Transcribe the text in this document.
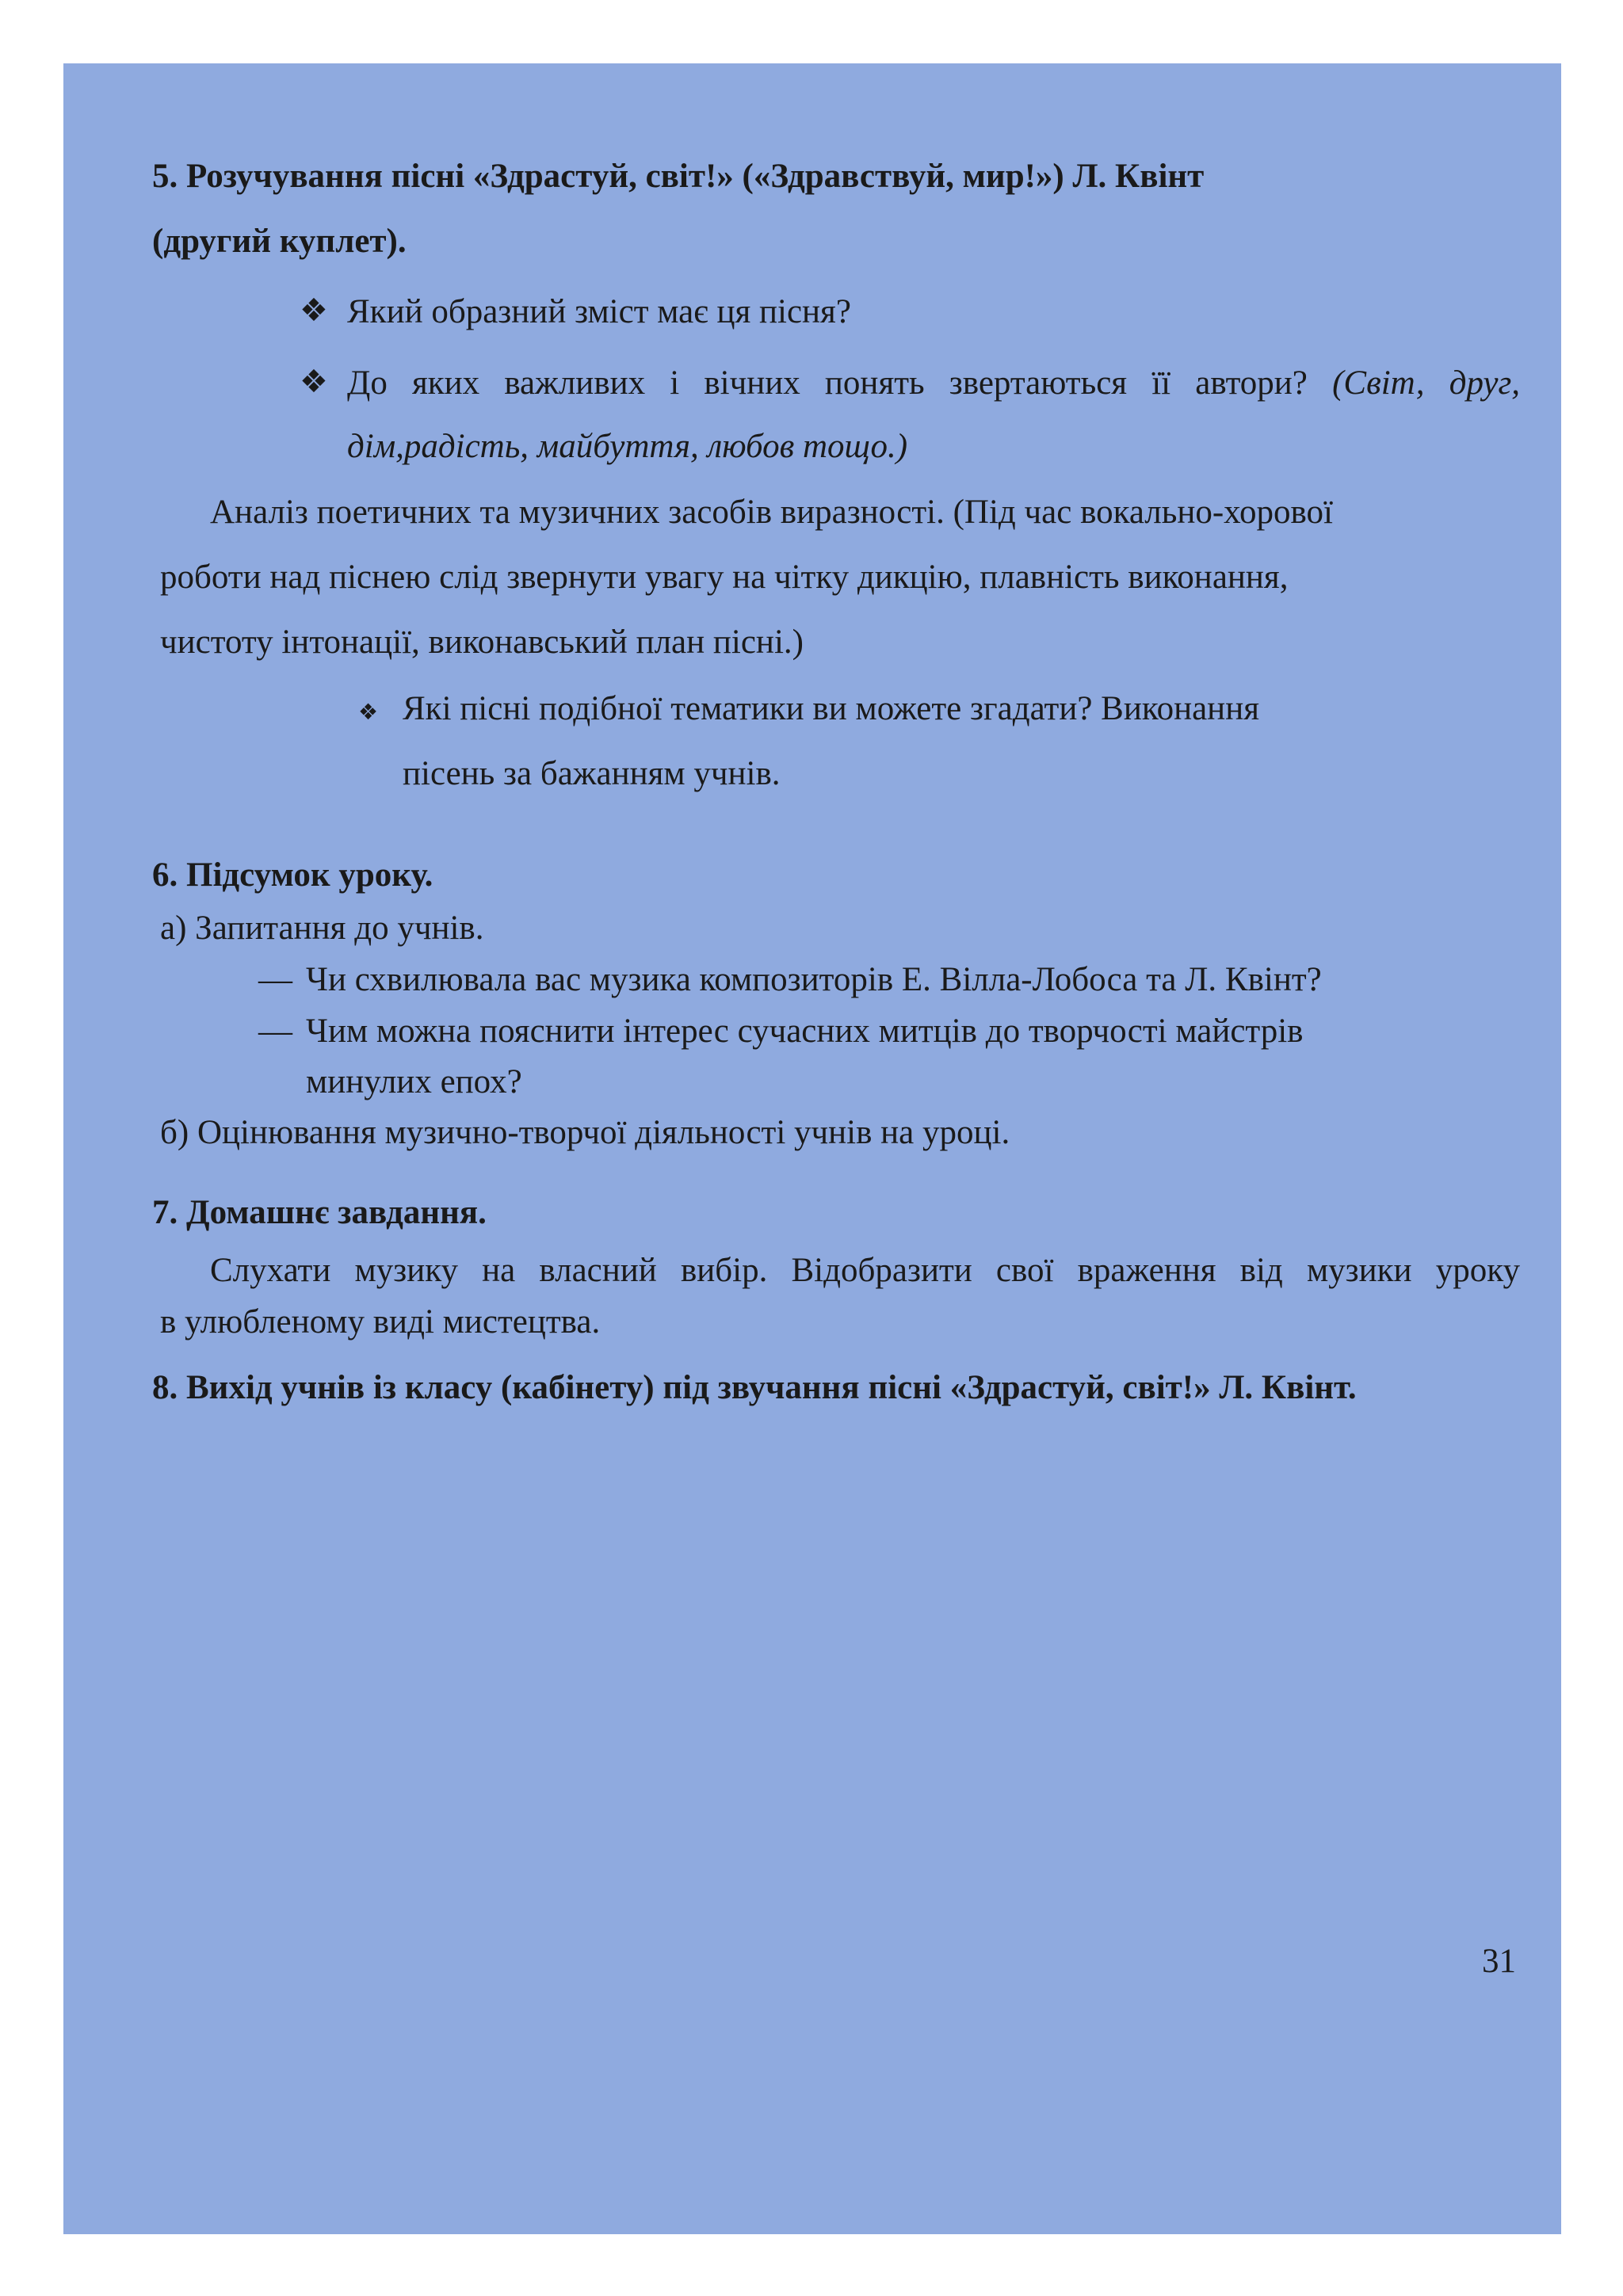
5. Розучування пісні «Здрастуй, світ!» («Здравствуй, мир!») Л. Квінт
(другий куплет).
❖ Який образний зміст має ця пісня?
❖ До яких важливих і вічних понять звертаються її автори? (Світ, друг,
дім,радість, майбуття, любов тощо.)
Аналіз поетичних та музичних засобів виразності. (Під час вокально-хорової
роботи над піснею слід звернути увагу на чітку дикцію, плавність виконання,
чистоту інтонації, виконавський план пісні.)
❖ Які пісні подібної тематики ви можете згадати? Виконання
пісень за бажанням учнів.
6. Підсумок уроку.
а) Запитання до учнів.
— Чи схвилювала вас музика композиторів Е. Вілла-Лобоса та Л. Квінт?
— Чим можна пояснити інтерес сучасних митців до творчості майстрів
минулих епох?
б) Оцінювання музично-творчої діяльності учнів на уроці.
7. Домашнє завдання.
Слухати музику на власний вибір. Відобразити свої враження від музики уроку
в улюбленому виді мистецтва.
8. Вихід учнів із класу (кабінету) під звучання пісні «Здрастуй, світ!» Л. Квінт.
31
